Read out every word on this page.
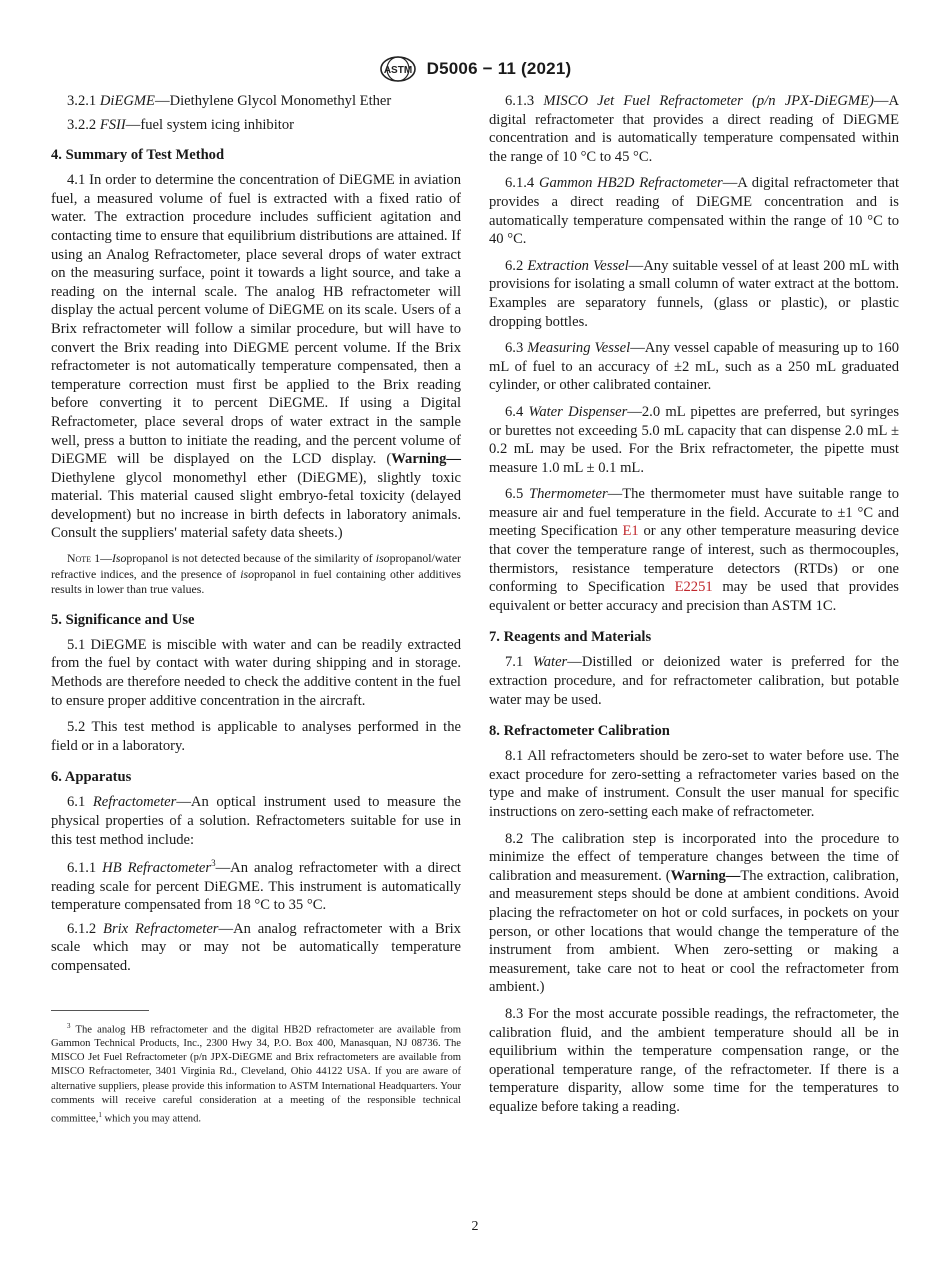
ASTM D5006 − 11 (2021)

3.2.1 DiEGME—Diethylene Glycol Monomethyl Ether

3.2.2 FSII—fuel system icing inhibitor

4. Summary of Test Method

4.1 In order to determine the concentration of DiEGME in aviation fuel, a measured volume of fuel is extracted with a fixed ratio of water. The extraction procedure includes sufficient agitation and contacting time to ensure that equilibrium distributions are attained. If using an Analog Refractometer, place several drops of water extract on the measuring surface, point it towards a light source, and take a reading on the internal scale. The analog HB refractometer will display the actual percent volume of DiEGME on its scale. Users of a Brix refractometer will follow a similar procedure, but will have to convert the Brix reading into DiEGME percent volume. If the Brix refractometer is not automatically temperature compensated, then a temperature correction must first be applied to the Brix reading before converting it to percent DiEGME. If using a Digital Refractometer, place several drops of water extract in the sample well, press a button to initiate the reading, and the percent volume of DiEGME will be displayed on the LCD display. (Warning—Diethylene glycol monomethyl ether (DiEGME), slightly toxic material. This material caused slight embryo-fetal toxicity (delayed development) but no increase in birth defects in laboratory animals. Consult the suppliers' material safety data sheets.)

Note 1—Isopropanol is not detected because of the similarity of isopropanol/water refractive indices, and the presence of isopropanol in fuel containing other additives results in lower than true values.

5. Significance and Use

5.1 DiEGME is miscible with water and can be readily extracted from the fuel by contact with water during shipping and in storage. Methods are therefore needed to check the additive content in the fuel to ensure proper additive concentration in the aircraft.

5.2 This test method is applicable to analyses performed in the field or in a laboratory.

6. Apparatus

6.1 Refractometer—An optical instrument used to measure the physical properties of a solution. Refractometers suitable for use in this test method include:

6.1.1 HB Refractometer$^3$—An analog refractometer with a direct reading scale for percent DiEGME. This instrument is automatically temperature compensated from 18 °C to 35 °C.

6.1.2 Brix Refractometer—An analog refractometer with a Brix scale which may or may not be automatically temperature compensated.

$^3$ The analog HB refractometer and the digital HB2D refractometer are available from Gammon Technical Products, Inc., 2300 Hwy 34, P.O. Box 400, Manasquan, NJ 08736. The MISCO Jet Fuel Refractometer (p/n JPX-DiEGME and Brix refractometers are available from MISCO Refractometer, 3401 Virginia Rd., Cleveland, Ohio 44122 USA. If you are aware of alternative suppliers, please provide this information to ASTM International Headquarters. Your comments will receive careful consideration at a meeting of the responsible technical committee,$^1$ which you may attend.

6.1.3 MISCO Jet Fuel Refractometer (p/n JPX-DiEGME)—A digital refractometer that provides a direct reading of DiEGME concentration and is automatically temperature compensated within the range of 10 °C to 45 °C.

6.1.4 Gammon HB2D Refractometer—A digital refractometer that provides a direct reading of DiEGME concentration and is automatically temperature compensated within the range of 10 °C to 40 °C.

6.2 Extraction Vessel—Any suitable vessel of at least 200 mL with provisions for isolating a small column of water extract at the bottom. Examples are separatory funnels, (glass or plastic), or plastic dropping bottles.

6.3 Measuring Vessel—Any vessel capable of measuring up to 160 mL of fuel to an accuracy of ±2 mL, such as a 250 mL graduated cylinder, or other calibrated container.

6.4 Water Dispenser—2.0 mL pipettes are preferred, but syringes or burettes not exceeding 5.0 mL capacity that can dispense 2.0 mL ± 0.2 mL may be used. For the Brix refractometer, the pipette must measure 1.0 mL ± 0.1 mL.

6.5 Thermometer—The thermometer must have suitable range to measure air and fuel temperature in the field. Accurate to ±1 °C and meeting Specification E1 or any other temperature measuring device that cover the temperature range of interest, such as thermocouples, thermistors, resistance temperature detectors (RTDs) or one conforming to Specification E2251 may be used that provides equivalent or better accuracy and precision than ASTM 1C.

7. Reagents and Materials

7.1 Water—Distilled or deionized water is preferred for the extraction procedure, and for refractometer calibration, but potable water may be used.

8. Refractometer Calibration

8.1 All refractometers should be zero-set to water before use. The exact procedure for zero-setting a refractometer varies based on the type and make of instrument. Consult the user manual for specific instructions on zero-setting each make of refractometer.

8.2 The calibration step is incorporated into the procedure to minimize the effect of temperature changes between the time of calibration and measurement. (Warning—The extraction, calibration, and measurement steps should be done at ambient conditions. Avoid placing the refractometer on hot or cold surfaces, in pockets on your person, or other locations that would change the temperature of the instrument from ambient. When zero-setting or making a measurement, take care not to heat or cool the refractometer from ambient.)

8.3 For the most accurate possible readings, the refractometer, the calibration fluid, and the ambient temperature should all be in equilibrium within the temperature compensation range, or the operational temperature range, of the refractometer. If there is a temperature disparity, allow some time for the temperatures to equalize before taking a reading.

2
